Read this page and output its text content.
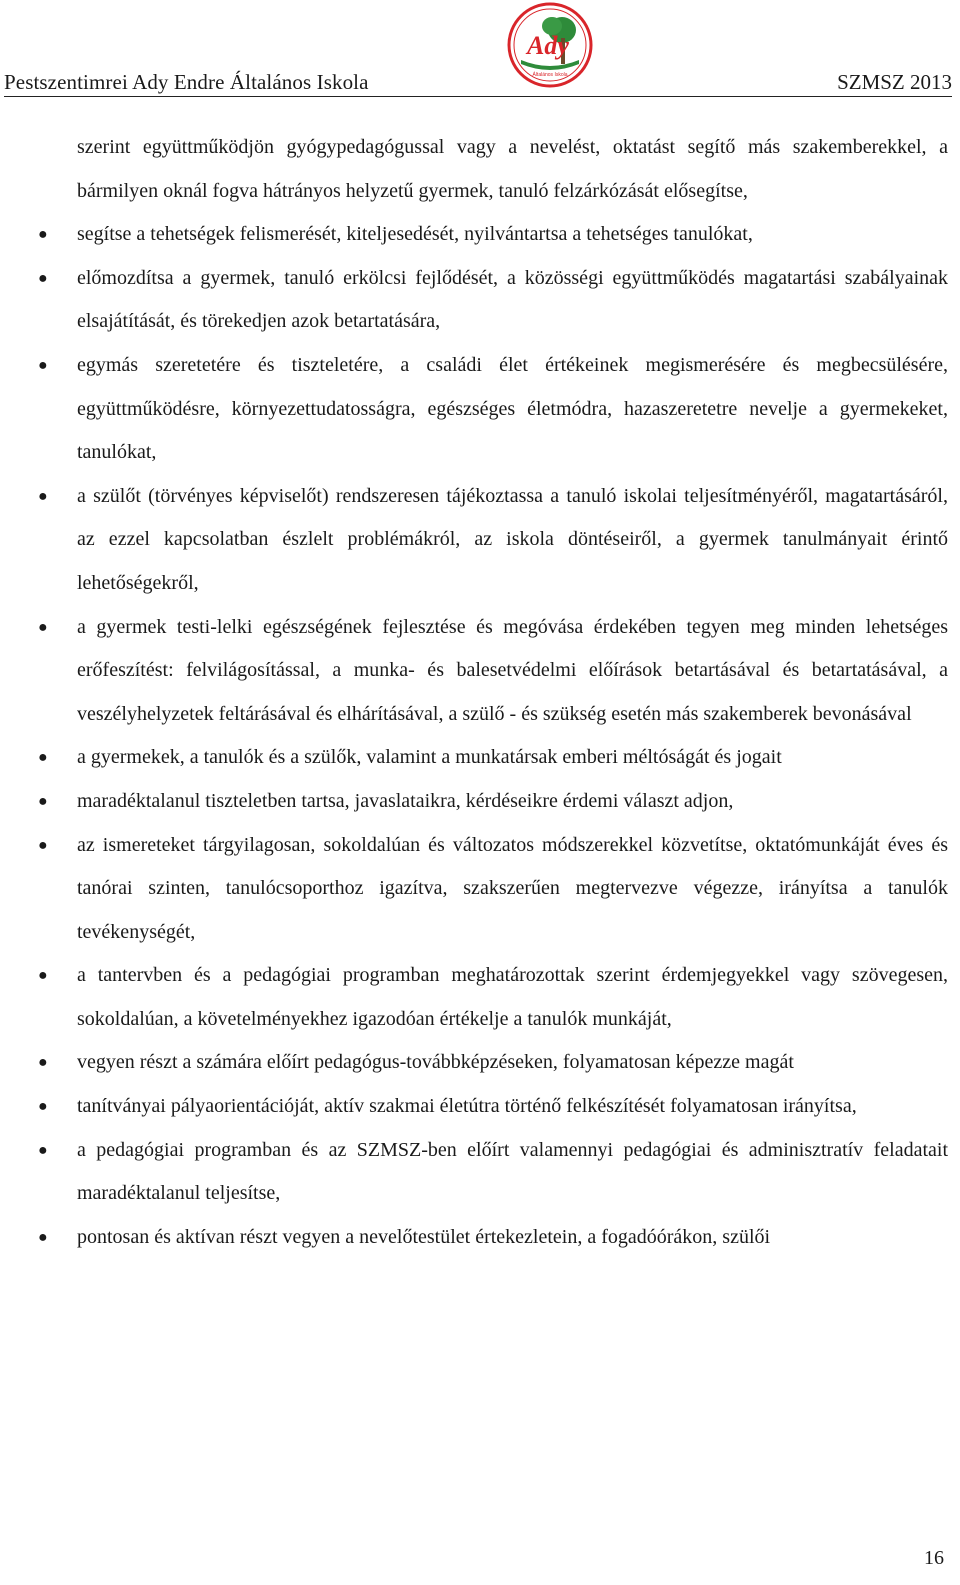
Pestszentimrei Ady Endre Általános Iskola	SZMSZ 2013
Ady
Általános Iskola

szerint együttműködjön gyógypedagógussal vagy a nevelést, oktatást segítő más szakemberekkel, a bármilyen oknál fogva hátrányos helyzetű gyermek, tanuló felzárkózását elősegítse,

● segítse a tehetségek felismerését, kiteljesedését, nyilvántartsa a tehetséges tanulókat,
● előmozdítsa a gyermek, tanuló erkölcsi fejlődését, a közösségi együttműködés magatartási szabályainak elsajátítását, és törekedjen azok betartatására,
● egymás szeretetére és tiszteletére, a családi élet értékeinek megismerésére és megbecsülésére, együttműködésre, környezettudatosságra, egészséges életmódra, hazaszeretetre nevelje a gyermekeket, tanulókat,
● a szülőt (törvényes képviselőt) rendszeresen tájékoztassa a tanuló iskolai teljesítményéről, magatartásáról, az ezzel kapcsolatban észlelt problémákról, az iskola döntéseiről, a gyermek tanulmányait érintő lehetőségekről,
● a gyermek testi-lelki egészségének fejlesztése és megóvása érdekében tegyen meg minden lehetséges erőfeszítést: felvilágosítással, a munka- és balesetvédelmi előírások betartásával és betartatásával, a veszélyhelyzetek feltárásával és elhárításával, a szülő - és szükség esetén más szakemberek bevonásával
● a gyermekek, a tanulók és a szülők, valamint a munkatársak emberi méltóságát és jogait
● maradéktalanul tiszteletben tartsa, javaslataikra, kérdéseikre érdemi választ adjon,
● az ismereteket tárgyilagosan, sokoldalúan és változatos módszerekkel közvetítse, oktatómunkáját éves és tanórai szinten, tanulócsoporthoz igazítva, szakszerűen megtervezve végezze, irányítsa a tanulók tevékenységét,
● a tantervben és a pedagógiai programban meghatározottak szerint érdemjegyekkel vagy szövegesen, sokoldalúan, a követelményekhez igazodóan értékelje a tanulók munkáját,
● vegyen részt a számára előírt pedagógus-továbbképzéseken, folyamatosan képezze magát
● tanítványai pályaorientációját, aktív szakmai életútra történő felkészítését folyamatosan irányítsa,
● a pedagógiai programban és az SZMSZ-ben előírt valamennyi pedagógiai és adminisztratív feladatait maradéktalanul teljesítse,
● pontosan és aktívan részt vegyen a nevelőtestület értekezletein, a fogadóórákon, szülői
16
